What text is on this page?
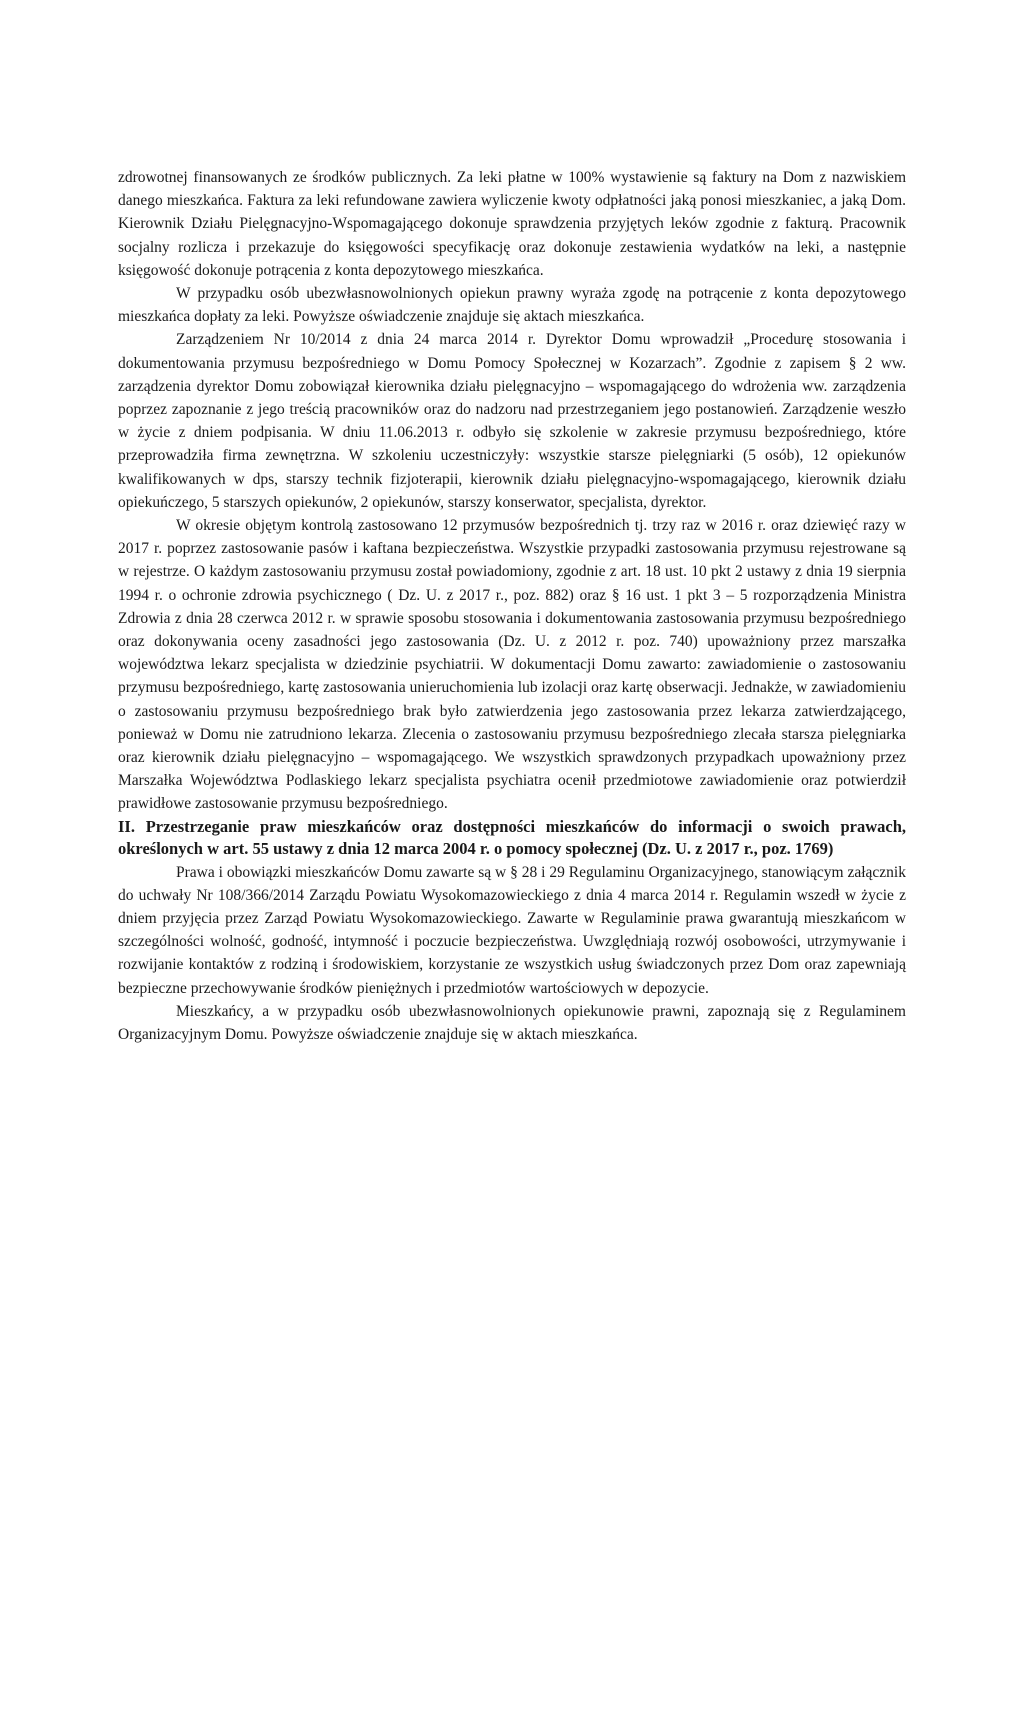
zdrowotnej finansowanych ze środków publicznych. Za leki płatne w 100% wystawienie są faktury na Dom z nazwiskiem danego mieszkańca. Faktura za leki refundowane zawiera wyliczenie kwoty odpłatności jaką ponosi mieszkaniec, a jaką Dom. Kierownik Działu Pielęgnacyjno-Wspomagającego dokonuje sprawdzenia przyjętych leków zgodnie z fakturą. Pracownik socjalny rozlicza i przekazuje do księgowości specyfikację oraz dokonuje zestawienia wydatków na leki, a następnie księgowość dokonuje potrącenia z konta depozytowego mieszkańca.

W przypadku osób ubezwłasnowolnionych opiekun prawny wyraża zgodę na potrącenie z konta depozytowego mieszkańca dopłaty za leki. Powyższe oświadczenie znajduje się aktach mieszkańca.

Zarządzeniem Nr 10/2014 z dnia 24 marca 2014 r. Dyrektor Domu wprowadził „Procedurę stosowania i dokumentowania przymusu bezpośredniego w Domu Pomocy Społecznej w Kozarzach”. Zgodnie z zapisem § 2 ww. zarządzenia dyrektor Domu zobowiązał kierownika działu pielęgnacyjno – wspomagającego do wdrożenia ww. zarządzenia poprzez zapoznanie z jego treścią pracowników oraz do nadzoru nad przestrzeganiem jego postanowień. Zarządzenie weszło w życie z dniem podpisania. W dniu 11.06.2013 r. odbyło się szkolenie w zakresie przymusu bezpośredniego, które przeprowadziła firma zewnętrzna. W szkoleniu uczestniczyły: wszystkie starsze pielęgniarki (5 osób), 12 opiekunów kwalifikowanych w dps, starszy technik fizjoterapii, kierownik działu pielęgnacyjno-wspomagającego, kierownik działu opiekuńczego, 5 starszych opiekunów, 2 opiekunów, starszy konserwator, specjalista, dyrektor.

W okresie objętym kontrolą zastosowano 12 przymusów bezpośrednich tj. trzy raz w 2016 r. oraz dziewięć razy w 2017 r. poprzez zastosowanie pasów i kaftana bezpieczeństwa. Wszystkie przypadki zastosowania przymusu rejestrowane są w rejestrze. O każdym zastosowaniu przymusu został powiadomiony, zgodnie z art. 18 ust. 10 pkt 2 ustawy z dnia 19 sierpnia 1994 r. o ochronie zdrowia psychicznego ( Dz. U. z 2017 r., poz. 882) oraz § 16 ust. 1 pkt 3 – 5 rozporządzenia Ministra Zdrowia z dnia 28 czerwca 2012 r. w sprawie sposobu stosowania i dokumentowania zastosowania przymusu bezpośredniego oraz dokonywania oceny zasadności jego zastosowania (Dz. U. z 2012 r. poz. 740) upoważniony przez marszałka województwa lekarz specjalista w dziedzinie psychiatrii. W dokumentacji Domu zawarto: zawiadomienie o zastosowaniu przymusu bezpośredniego, kartę zastosowania unieruchomienia lub izolacji oraz kartę obserwacji. Jednakże, w zawiadomieniu o zastosowaniu przymusu bezpośredniego brak było zatwierdzenia jego zastosowania przez lekarza zatwierdzającego, ponieważ w Domu nie zatrudniono lekarza. Zlecenia o zastosowaniu przymusu bezpośredniego zlecała starsza pielęgniarka oraz kierownik działu pielęgnacyjno – wspomagającego. We wszystkich sprawdzonych przypadkach upoważniony przez Marszałka Województwa Podlaskiego lekarz specjalista psychiatra ocenił przedmiotowe zawiadomienie oraz potwierdził prawidłowe zastosowanie przymusu bezpośredniego.

II. Przestrzeganie praw mieszkańców oraz dostępności mieszkańców do informacji o swoich prawach, określonych w art. 55 ustawy z dnia 12 marca 2004 r. o pomocy społecznej (Dz. U. z 2017 r., poz. 1769)

Prawa i obowiązki mieszkańców Domu zawarte są w § 28 i 29 Regulaminu Organizacyjnego, stanowiącym załącznik do uchwały Nr 108/366/2014 Zarządu Powiatu Wysokomazowieckiego z dnia 4 marca 2014 r. Regulamin wszedł w życie z dniem przyjęcia przez Zarząd Powiatu Wysokomazowieckiego. Zawarte w Regulaminie prawa gwarantują mieszkańcom w szczególności wolność, godność, intymność i poczucie bezpieczeństwa. Uwzględniają rozwój osobowości, utrzymywanie i rozwijanie kontaktów z rodziną i środowiskiem, korzystanie ze wszystkich usług świadczonych przez Dom oraz zapewniają bezpieczne przechowywanie środków pieniężnych i przedmiotów wartościowych w depozycie.

Mieszkańcy, a w przypadku osób ubezwłasnowolnionych opiekunowie prawni, zapoznają się z Regulaminem Organizacyjnym Domu. Powyższe oświadczenie znajduje się w aktach mieszkańca.
